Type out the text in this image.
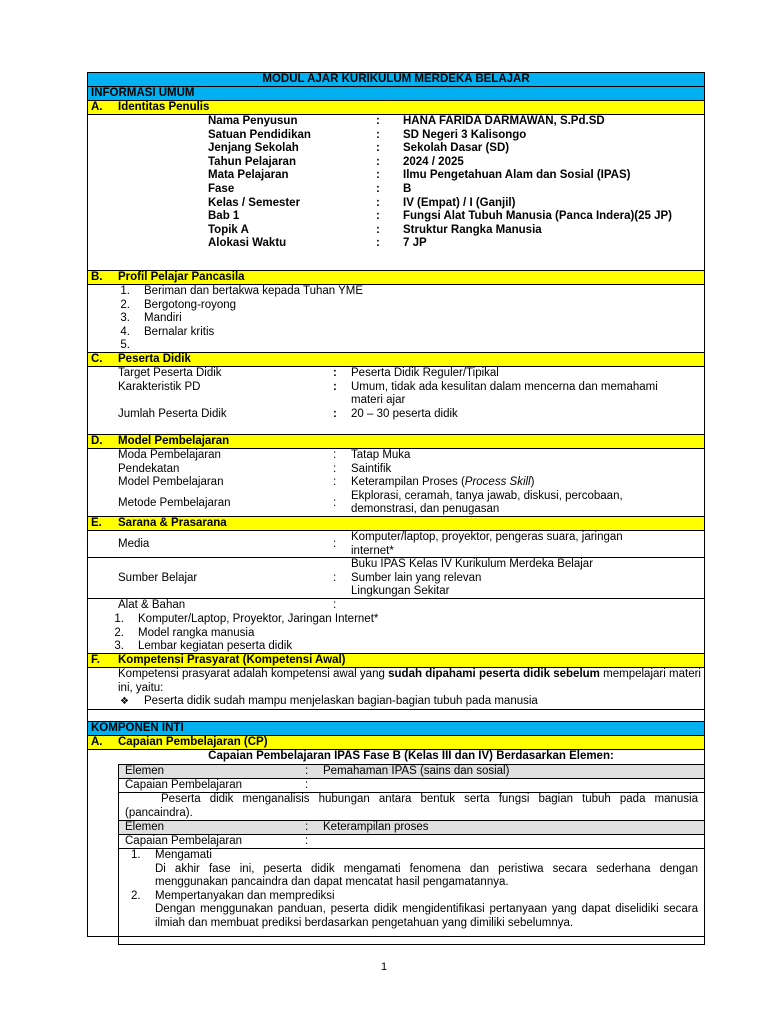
MODUL AJAR KURIKULUM MERDEKA BELAJAR
INFORMASI UMUM
A.	Identitas Penulis
Nama Penyusun	: HANA FARIDA DARMAWAN, S.Pd.SD
Satuan Pendidikan	: SD Negeri 3 Kalisongo
Jenjang Sekolah	: Sekolah Dasar (SD)
Tahun Pelajaran	: 2024 / 2025
Mata Pelajaran	: Ilmu Pengetahuan Alam dan Sosial (IPAS)
Fase	: B
Kelas / Semester	: IV (Empat) / I (Ganjil)
Bab 1	: Fungsi Alat Tubuh Manusia (Panca Indera)(25 JP)
Topik A	: Struktur Rangka Manusia
Alokasi Waktu	: 7 JP
B.	Profil Pelajar Pancasila
1. Beriman dan bertakwa kepada Tuhan YME
2. Bergotong-royong
3. Mandiri
4. Bernalar kritis
5.
C.	Peserta Didik
Target Peserta Didik	: Peserta Didik Reguler/Tipikal
Karakteristik PD	: Umum, tidak ada kesulitan dalam mencerna dan memahami
materi ajar
Jumlah Peserta Didik	: 20 – 30 peserta didik
D.	Model Pembelajaran
Moda Pembelajaran	: Tatap Muka
Pendekatan	: Saintifik
Model Pembelajaran	: Keterampilan Proses (Process Skill)
Metode Pembelajaran	:
Ekplorasi, ceramah, tanya jawab, diskusi, percobaan,
demonstrasi, dan penugasan
E.	Sarana & Prasarana
Media	:
Komputer/laptop, proyektor, pengeras suara, jaringan
internet*
Sumber Belajar	:
Buku IPAS Kelas IV Kurikulum Merdeka Belajar
Sumber lain yang relevan
Lingkungan Sekitar
Alat & Bahan	:
1. Komputer/Laptop, Proyektor, Jaringan Internet*
2. Model rangka manusia
3. Lembar kegiatan peserta didik
F.	Kompetensi Prasyarat (Kompetensi Awal)
Kompetensi prasyarat adalah kompetensi awal yang sudah dipahami peserta didik sebelum mempelajari materi ini, yaitu:
❖ Peserta didik sudah mampu menjelaskan bagian-bagian tubuh pada manusia
KOMPONEN INTI
A.	Capaian Pembelajaran (CP)
Capaian Pembelajaran IPAS Fase B (Kelas III dan IV) Berdasarkan Elemen:
Elemen	: Pemahaman IPAS (sains dan sosial)
Capaian Pembelajaran	:
Peserta didik menganalisis hubungan antara bentuk serta fungsi bagian tubuh pada manusia (pancaindra).
Elemen	: Keterampilan proses
Capaian Pembelajaran	:
1. Mengamati
Di akhir fase ini, peserta didik mengamati fenomena dan peristiwa secara sederhana dengan menggunakan pancaindra dan dapat mencatat hasil pengamatannya.
2. Mempertanyakan dan memprediksi
Dengan menggunakan panduan, peserta didik mengidentifikasi pertanyaan yang dapat diselidiki secara ilmiah dan membuat prediksi berdasarkan pengetahuan yang dimiliki sebelumnya.
1
